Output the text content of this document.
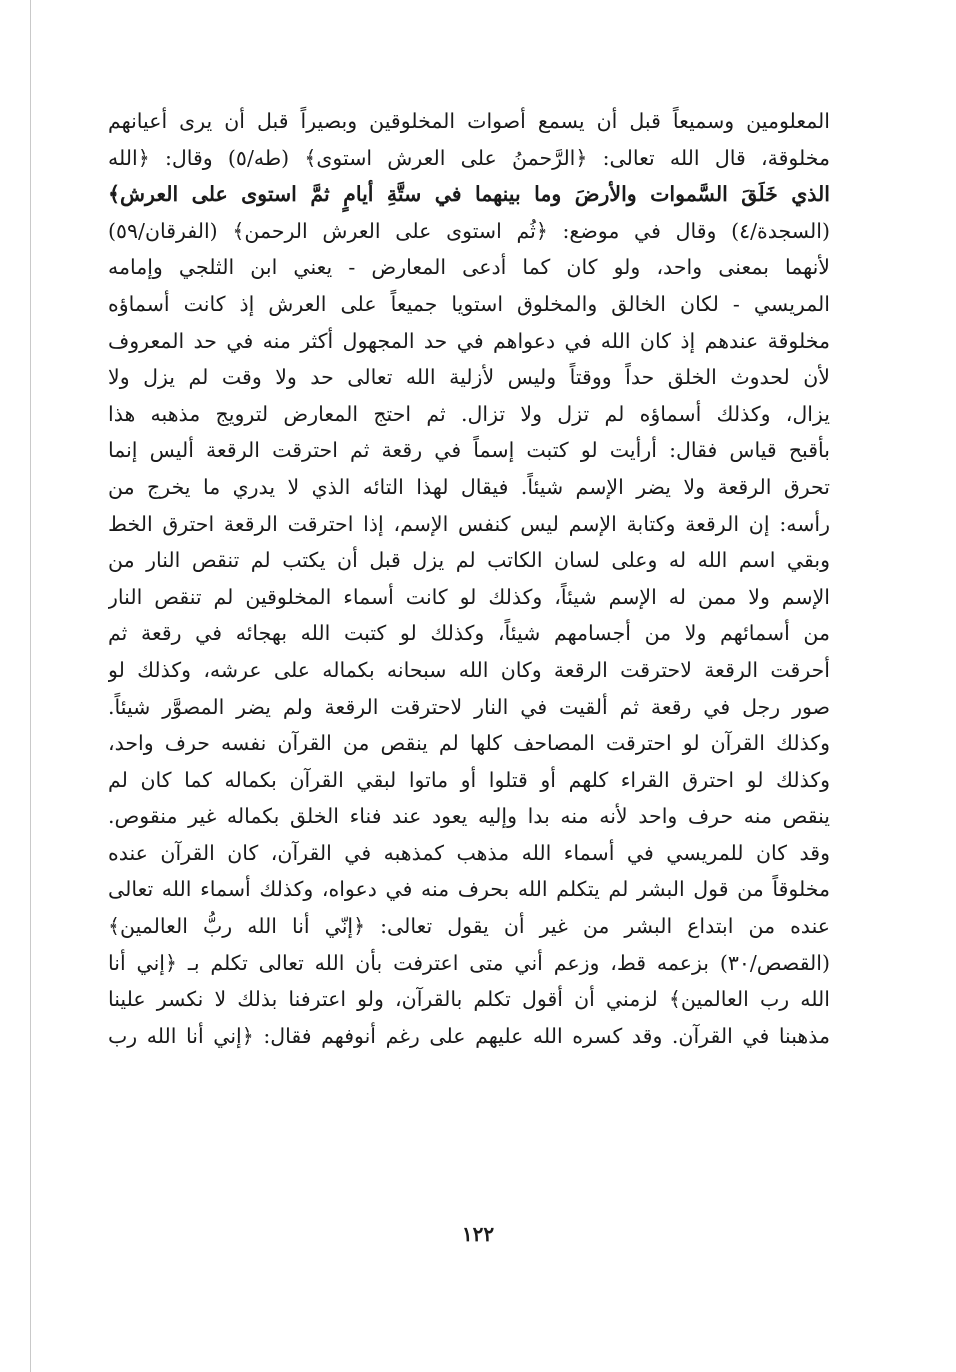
المعلومين وسميعاً قبل أن يسمع أصوات المخلوقين وبصيراً قبل أن يرى أعيانهم
مخلوقة، قال الله تعالى: ﴿الرَّحمنُ على العرش استوى﴾ (طه/٥) وقال: ﴿الله
الذي خَلَقَ السَّموات والأرضَ وما بينهما في ستَّةِ أيامٍ ثمَّ استوى على العرش﴾
(السجدة/٤) وقال في موضع: ﴿ثُم استوى على العرش الرحمن﴾ (الفرقان/٥٩)
لأنهما بمعنى واحد، ولو كان كما أدعى المعارض - يعني ابن الثلجي وإمامه
المريسي - لكان الخالق والمخلوق استويا جميعاً على العرش إذ كانت أسماؤه
مخلوقة عندهم إذ كان الله في دعواهم في حد المجهول أكثر منه في حد المعروف
لأن لحدوث الخلق حداً ووقتاً وليس لأزلية الله تعالى حد ولا وقت لم يزل ولا
يزال، وكذلك أسماؤه لم تزل ولا تزال. ثم احتج المعارض لترويج مذهبه هذا
بأقبح قياس فقال: أرأيت لو كتبت إسماً في رقعة ثم احترقت الرقعة أليس إنما
تحرق الرقعة ولا يضر الإسم شيئاً. فيقال لهذا التائه الذي لا يدري ما يخرج من
رأسه: إن الرقعة وكتابة الإسم ليس كنفس الإسم، إذا احترقت الرقعة احترق الخط
وبقي اسم الله له وعلى لسان الكاتب لم يزل قبل أن يكتب لم تنقص النار من
الإسم ولا ممن له الإسم شيئاً، وكذلك لو كانت أسماء المخلوقين لم تنقص النار
من أسمائهم ولا من أجسامهم شيئاً، وكذلك لو كتبت الله بهجائه في رقعة ثم
أحرقت الرقعة لاحترقت الرقعة وكان الله سبحانه بكماله على عرشه، وكذلك لو
صور رجل في رقعة ثم ألقيت في النار لاحترقت الرقعة ولم يضر المصوَّر شيئاً.
وكذلك القرآن لو احترقت المصاحف كلها لم ينقص من القرآن نفسه حرف واحد،
وكذلك لو احترق القراء كلهم أو قتلوا أو ماتوا لبقي القرآن بكماله كما كان لم
ينقص منه حرف واحد لأنه منه بدا وإليه يعود عند فناء الخلق بكماله غير منقوص.
وقد كان للمريسي في أسماء الله مذهب كمذهبه في القرآن، كان القرآن عنده
مخلوقاً من قول البشر لم يتكلم الله بحرف منه في دعواه، وكذلك أسماء الله تعالى
عنده من ابتداع البشر من غير أن يقول تعالى: ﴿إنّي أنا الله ربُّ العالمين﴾
(القصص/٣٠) بزعمه قط، وزعم أني متى اعترفت بأن الله تعالى تكلم بـ ﴿إني أنا
الله رب العالمين﴾ لزمني أن أقول تكلم بالقرآن، ولو اعترفنا بذلك لا نكسر علينا
مذهبنا في القرآن. وقد كسره الله عليهم على رغم أنوفهم فقال: ﴿إني أنا الله رب
١٢٢
